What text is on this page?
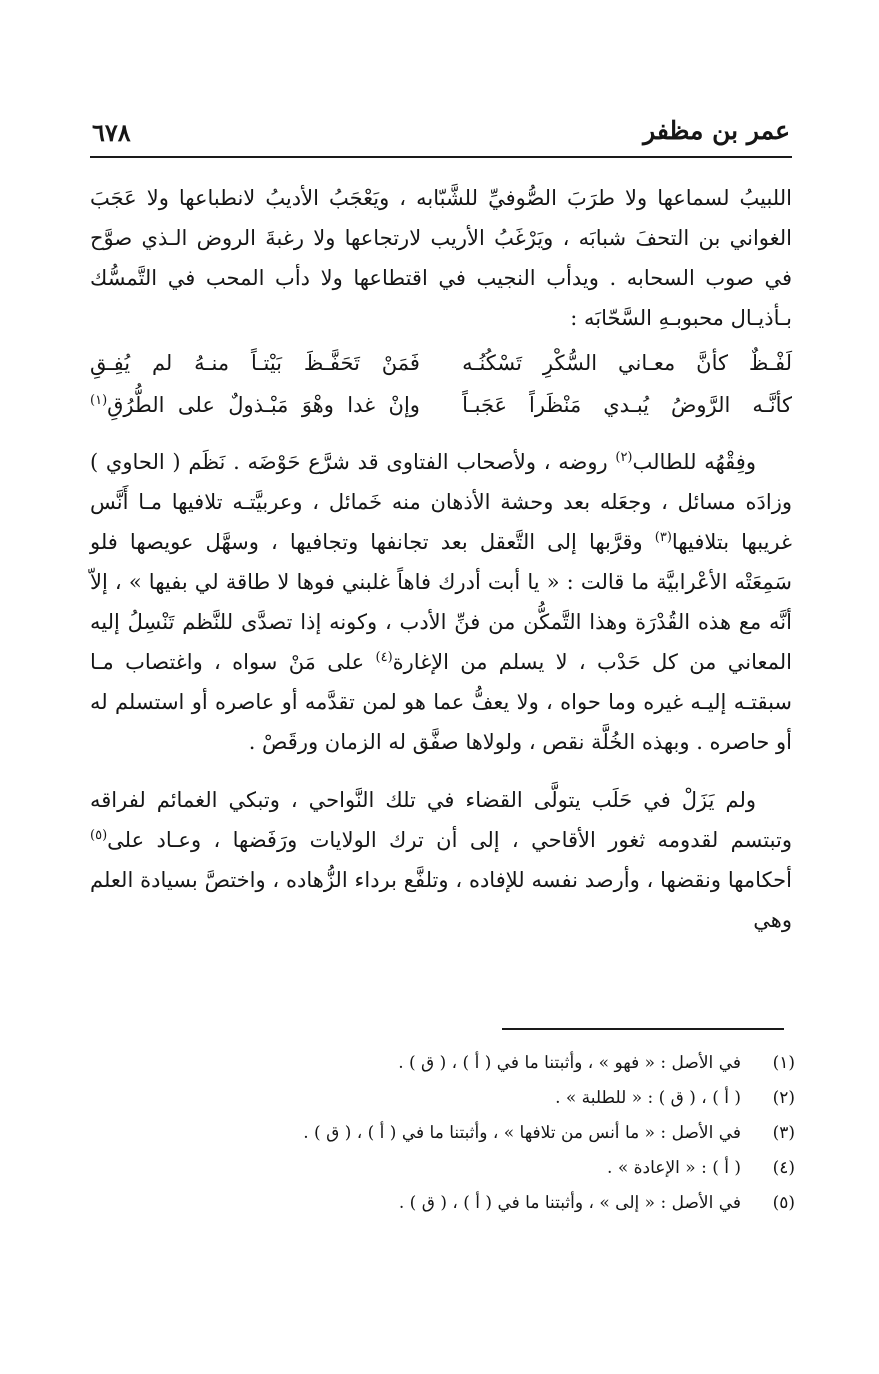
عمر بن مظفر
٦٧٨

اللبيبُ لسماعها ولا طرَبَ الصُّوفيِّ للشَّبّابه ، ويَعْجَبُ الأديبُ لانطباعها ولا عَجَبَ الغواني بن التحفَ شبابَه ، ويَرْغَبُ الأريب لارتجاعها ولا رغبةَ الروض الـذي صوَّح في صوب السحابه . ويدأب النجيب في اقتطاعها ولا دأب المحب في التَّمسُّك بـأذيـال محبوبـهِ السَّحّابَه :

لَفْـظٌ كأنَّ معـاني السُّكْرِ تَسْكُنُـه
فَمَنْ تَحَفَّـظَ بَيْتـاً منـهُ لم يُفِـقِ
كأنَّـه الرَّوضُ يُبـدي مَنْظَراً عَجَبـاً
وإنْ غدا وهْوَ مَبْـذولٌ على الطُّرُقِ$^{(١)}$

وفِقْهُه للطالب$^{(٢)}$ روضه ، ولأصحاب الفتاوى قد شرَّع حَوْضَه . نَظَم ( الحاوي ) وزادَه مسائل ، وجعَله بعد وحشة الأذهان منه خَمائل ، وعربيَّتـه تلافيها مـا أَنَّس غريبها بتلافيها$^{(٣)}$ وقرَّبها إلى التَّعقل بعد تجانفها وتجافيها ، وسهَّل عويصها فلو سَمِعَتْه الأعْرابيَّة ما قالت : « يا أبت أدرك فاهاً غلبني فوها لا طاقة لي بفيها » ، إلاّ أنَّه مع هذه القُدْرَة وهذا التَّمكُّن من فنِّ الأدب ، وكونه إذا تصدَّى للنَّظم تَنْسِلُ إليه المعاني من كل حَدْب ، لا يسلم من الإغارة$^{(٤)}$ على مَنْ سواه ، واغتصاب مـا سبقتـه إليـه غيره وما حواه ، ولا يعفُّ عما هو لمن تقدَّمه أو عاصره أو استسلم له أو حاصره . وبهذه الخُلَّة نقص ، ولولاها صفَّق له الزمان ورقَصْ .

ولم يَزَلْ في حَلَب يتولَّى القضاء في تلك النَّواحي ، وتبكي الغمائم لفراقه وتبتسم لقدومه ثغور الأقاحي ، إلى أن ترك الولايات ورَفَضها ، وعـاد على$^{(٥)}$ أحكامها ونقضها ، وأرصد نفسه للإفاده ، وتلفَّع برداء الزُّهاده ، واختصَّ بسيادة العلم وهي

(١)
في الأصل : « فهو » ، وأثبتنا ما في ( أ ) ، ( ق ) .
(٢)
( أ ) ، ( ق ) : « للطلبة » .
(٣)
في الأصل : « ما أنس من تلافها » ، وأثبتنا ما في ( أ ) ، ( ق ) .
(٤)
( أ ) : « الإعادة » .
(٥)
في الأصل : « إلى » ، وأثبتنا ما في ( أ ) ، ( ق ) .
